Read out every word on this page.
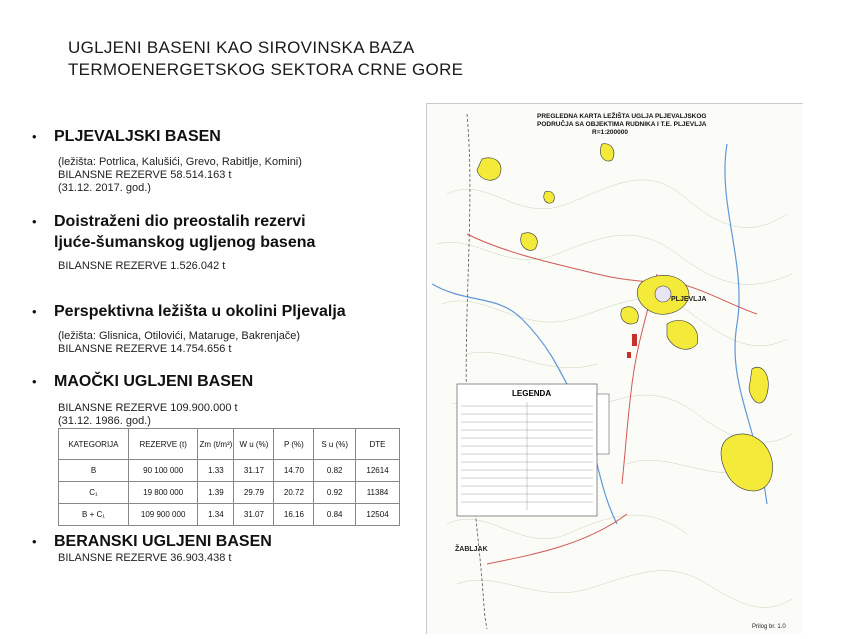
UGLJENI BASENI KAO SIROVINSKA BAZA
TERMOENERGETSKOG SEKTORA CRNE GORE
• PLJEVALJSKI BASEN
(ležišta: Potrlica, Kalušići, Grevo, Rabitlje, Komini)
BILANSNE REZERVE 58.514.163 t
(31.12. 2017. god.)
• Doistraženi dio preostalih rezervi
ljuće-šumanskog ugljenog basena
BILANSNE REZERVE 1.526.042 t
• Perspektivna ležišta u okolini Pljevalja
(ležišta: Glisnica, Otilovići, Mataruge, Bakrenjače)
BILANSNE REZERVE 14.754.656 t
• MAOČKI UGLJENI BASEN
BILANSNE REZERVE 109.900.000 t
(31.12. 1986. god.)
KATEGORIJA	REZERVE (t)	Zm (t/m³)	W u (%)	P (%)	S u (%)	DTE
B	90 100 000	1.33	31.17	14.70	0.82	12614
C₁	19 800 000	1.39	29.79	20.72	0.92	11384
B + C₁	109 900 000	1.34	31.07	16.16	0.84	12504
• BERANSKI UGLJENI BASEN
BILANSNE REZERVE 36.903.438 t
PLJEVLJA
ŽABLJAK
PREGLEDNA KARTA LEŽIŠTA UGLJA PLJEVALJSKOG
PODRUČJA SA OBJEKTIMA RUDNIKA I T.E. PLJEVLJA
R=1:200000
LEGENDA
Prilog br. 1.0
